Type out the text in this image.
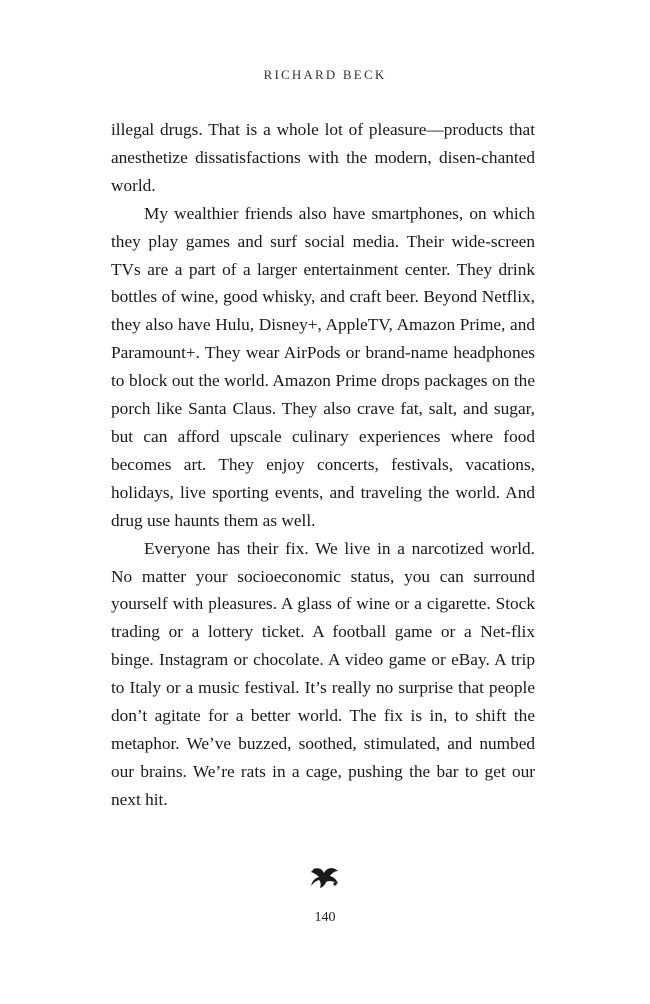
RICHARD BECK

illegal drugs. That is a whole lot of pleasure—products that anesthetize dissatisfactions with the modern, disen-chanted world.

My wealthier friends also have smartphones, on which they play games and surf social media. Their wide-screen TVs are a part of a larger entertainment center. They drink bottles of wine, good whisky, and craft beer. Beyond Netflix, they also have Hulu, Disney+, AppleTV, Amazon Prime, and Paramount+. They wear AirPods or brand-name headphones to block out the world. Amazon Prime drops packages on the porch like Santa Claus. They also crave fat, salt, and sugar, but can afford upscale culinary experiences where food becomes art. They enjoy concerts, festivals, vacations, holidays, live sporting events, and traveling the world. And drug use haunts them as well.

Everyone has their fix. We live in a narcotized world. No matter your socioeconomic status, you can surround yourself with pleasures. A glass of wine or a cigarette. Stock trading or a lottery ticket. A football game or a Net-flix binge. Instagram or chocolate. A video game or eBay. A trip to Italy or a music festival. It’s really no surprise that people don’t agitate for a better world. The fix is in, to shift the metaphor. We’ve buzzed, soothed, stimulated, and numbed our brains. We’re rats in a cage, pushing the bar to get our next hit.

140
